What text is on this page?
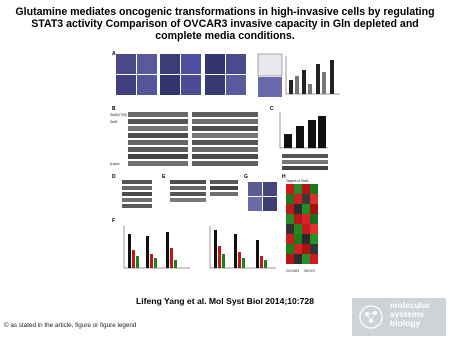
Glutamine mediates oncogenic transformations in high-invasive cells by regulating STAT3 activity Comparison of OVCAR3 invasive capacity in Gln depleted and complete media conditions.
A
B
Stat3(Y705)
Stat3
β-actin
C
D	E	G	H
Targets of Stat3
F
OVCAR3 SKOV3
Lifeng Yang et al. Mol Syst Biol 2014;10:728
© as stated in the article, figure or figure legend
molecular
systems
biology
